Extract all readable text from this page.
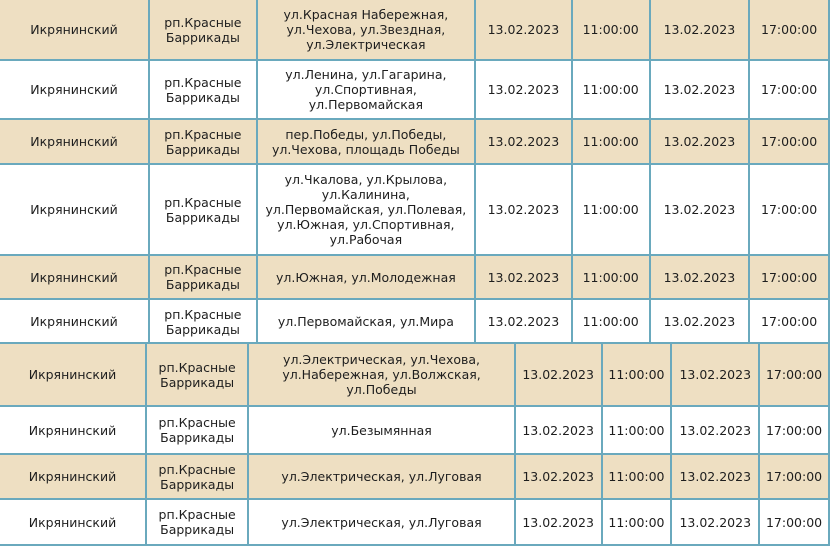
Икрянинский	рп.Красные Баррикады	ул.Красная Набережная, ул.Чехова, ул.Звездная, ул.Электрическая	13.02.2023	11:00:00	13.02.2023	17:00:00
Икрянинский	рп.Красные Баррикады	ул.Ленина, ул.Гагарина, ул.Спортивная, ул.Первомайская	13.02.2023	11:00:00	13.02.2023	17:00:00
Икрянинский	рп.Красные Баррикады	пер.Победы, ул.Победы, ул.Чехова, площадь Победы	13.02.2023	11:00:00	13.02.2023	17:00:00
Икрянинский	рп.Красные Баррикады	ул.Чкалова, ул.Крылова, ул.Калинина, ул.Первомайская, ул.Полевая, ул.Южная, ул.Спортивная, ул.Рабочая	13.02.2023	11:00:00	13.02.2023	17:00:00
Икрянинский	рп.Красные Баррикады	ул.Южная, ул.Молодежная	13.02.2023	11:00:00	13.02.2023	17:00:00
Икрянинский	рп.Красные Баррикады	ул.Первомайская, ул.Мира	13.02.2023	11:00:00	13.02.2023	17:00:00
Икрянинский	рп.Красные Баррикады	ул.Электрическая, ул.Чехова, ул.Набережная, ул.Волжская, ул.Победы	13.02.2023	11:00:00	13.02.2023	17:00:00
Икрянинский	рп.Красные Баррикады	ул.Безымянная	13.02.2023	11:00:00	13.02.2023	17:00:00
Икрянинский	рп.Красные Баррикады	ул.Электрическая, ул.Луговая	13.02.2023	11:00:00	13.02.2023	17:00:00
Икрянинский	рп.Красные Баррикады	ул.Электрическая, ул.Луговая	13.02.2023	11:00:00	13.02.2023	17:00:00
